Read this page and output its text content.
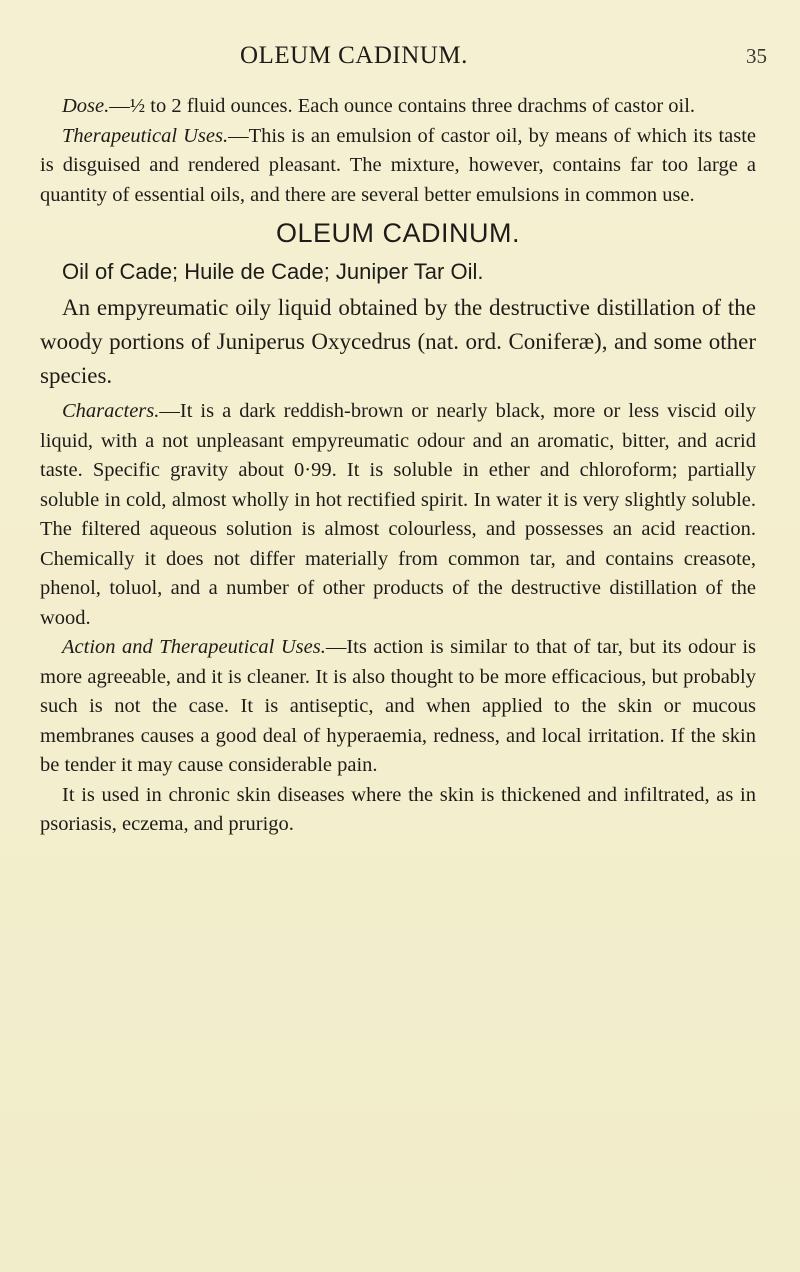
OLEUM CADINUM.	35

Dose.—½ to 2 fluid ounces. Each ounce contains three drachms of castor oil.

Therapeutical Uses.—This is an emulsion of castor oil, by means of which its taste is disguised and rendered pleasant. The mixture, however, contains far too large a quantity of essential oils, and there are several better emulsions in common use.

OLEUM CADINUM.

Oil of Cade; Huile de Cade; Juniper Tar Oil.

An empyreumatic oily liquid obtained by the destructive distillation of the woody portions of Juniperus Oxycedrus (nat. ord. Coniferæ), and some other species.

Characters.—It is a dark reddish-brown or nearly black, more or less viscid oily liquid, with a not unpleasant empyreumatic odour and an aromatic, bitter, and acrid taste. Specific gravity about 0·99. It is soluble in ether and chloroform; partially soluble in cold, almost wholly in hot rectified spirit. In water it is very slightly soluble. The filtered aqueous solution is almost colourless, and possesses an acid reaction. Chemically it does not differ materially from common tar, and contains creasote, phenol, toluol, and a number of other products of the destructive distillation of the wood.

Action and Therapeutical Uses.—Its action is similar to that of tar, but its odour is more agreeable, and it is cleaner. It is also thought to be more efficacious, but probably such is not the case. It is antiseptic, and when applied to the skin or mucous membranes causes a good deal of hyperaemia, redness, and local irritation. If the skin be tender it may cause considerable pain.

It is used in chronic skin diseases where the skin is thickened and infiltrated, as in psoriasis, eczema, and prurigo.
